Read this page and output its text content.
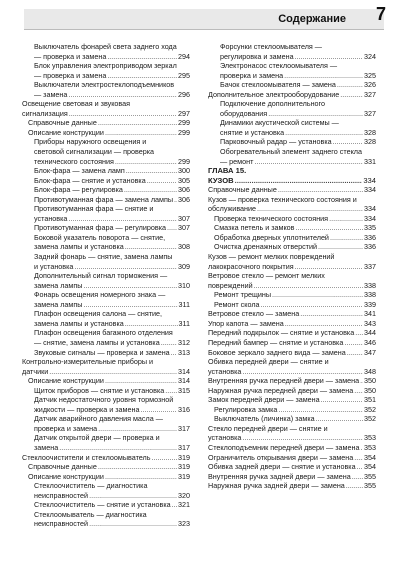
Содержание 7
Выключатель фонарей света заднего хода — проверка и замена .....	294
Блок управления электроприводом зеркал — проверка и замена .....	295
Выключатели электростеклоподъемников — замена .....	296
Освещение световая и звуковая сигнализация .....	297
Справочные данные .....	299
Описание конструкции .....	299
Приборы наружного освещения и световой сигнализации — проверка технического состояния .....	299
Блок-фара — замена ламп .....	300
Блок-фара — снятие и установка .....	305
Блок-фара — регулировка .....	306
Противотуманная фара — замена лампы ..... 306
Противотуманная фара — снятие и установка .....	307
Противотуманная фара — регулировка .....	307
Боковой указатель поворота — снятие, замена лампы и установка .....	308
Задний фонарь — снятие, замена лампы и установка .....	309
Дополнительный сигнал торможения — замена лампы .....	310
Фонарь освещения номерного знака — замена лампы .....	311
Плафон освещения салона — снятие, замена лампы и установка .....	311
Плафон освещения багажного отделения — снятие, замена лампы и установка .....	312
Звуковые сигналы — проверка и замена .....	313
Контрольно-измерительные приборы и датчики .....	314
Описание конструкции .....	314
Щиток приборов — снятие и установка .....	315
Датчик недостаточного уровня тормозной жидкости — проверка и замена .....	316
Датчик аварийного давления масла — проверка и замена .....	317
Датчик открытой двери — проверка и замена .....	317
Стеклоочистители и стеклоомыватель .....	319
Справочные данные .....	319
Описание конструкции .....	319
Стеклоочиститель — диагностика неисправностей .....	320
Стеклоочиститель — снятие и установка .....	321
Стеклоомыватель — диагностика неисправностей .....	323
Форсунки стеклоомывателя — регулировка и замена .....	324
Электронасос стеклоомывателя — проверка и замена .....	325
Бачок стеклоомывателя — замена .....	326
Дополнительное электрооборудование .....	327
Подключение дополнительного оборудования .....	327
Динамики акустической системы — снятие и установка .....	328
Парковочный радар — установка .....	328
Обогревательный элемент заднего стекла — ремонт .....	331
ГЛАВА 15.
КУЗОВ .....	334
Справочные данные .....	334
Кузов — проверка технического состояния и обслуживание .....	334
Проверка технического состояния .....	334
Смазка петель и замков .....	335
Обработка дверных уплотнителей .....	336
Очистка дренажных отверстий .....	336
Кузов — ремонт мелких повреждений лакокрасочного покрытия .....	337
Ветровое стекло — ремонт мелких повреждений .....	338
Ремонт трещины .....	338
Ремонт скола .....	339
Ветровое стекло — замена .....	341
Упор капота — замена .....	343
Передний подкрылок — снятие и установка .....	344
Передний бампер — снятие и установка .....	346
Боковое зеркало заднего вида — замена .....	347
Обивка передней двери — снятие и установка .....	348
Внутренняя ручка передней двери — замена ..... 350
Наружная ручка передней двери — замена .....	350
Замок передней двери — замена .....	351
Регулировка замка .....	352
Выключатель (личинка) замка .....	352
Стекло передней двери — снятие и установка .....	353
Стеклоподъемник передней двери — замена ..... 353
Ограничитель открывания двери — замена .....	354
Обивка задней двери — снятие и установка .....	354
Внутренняя ручка задней двери — замена .....	355
Наружная ручка задней двери — замена .....	355
